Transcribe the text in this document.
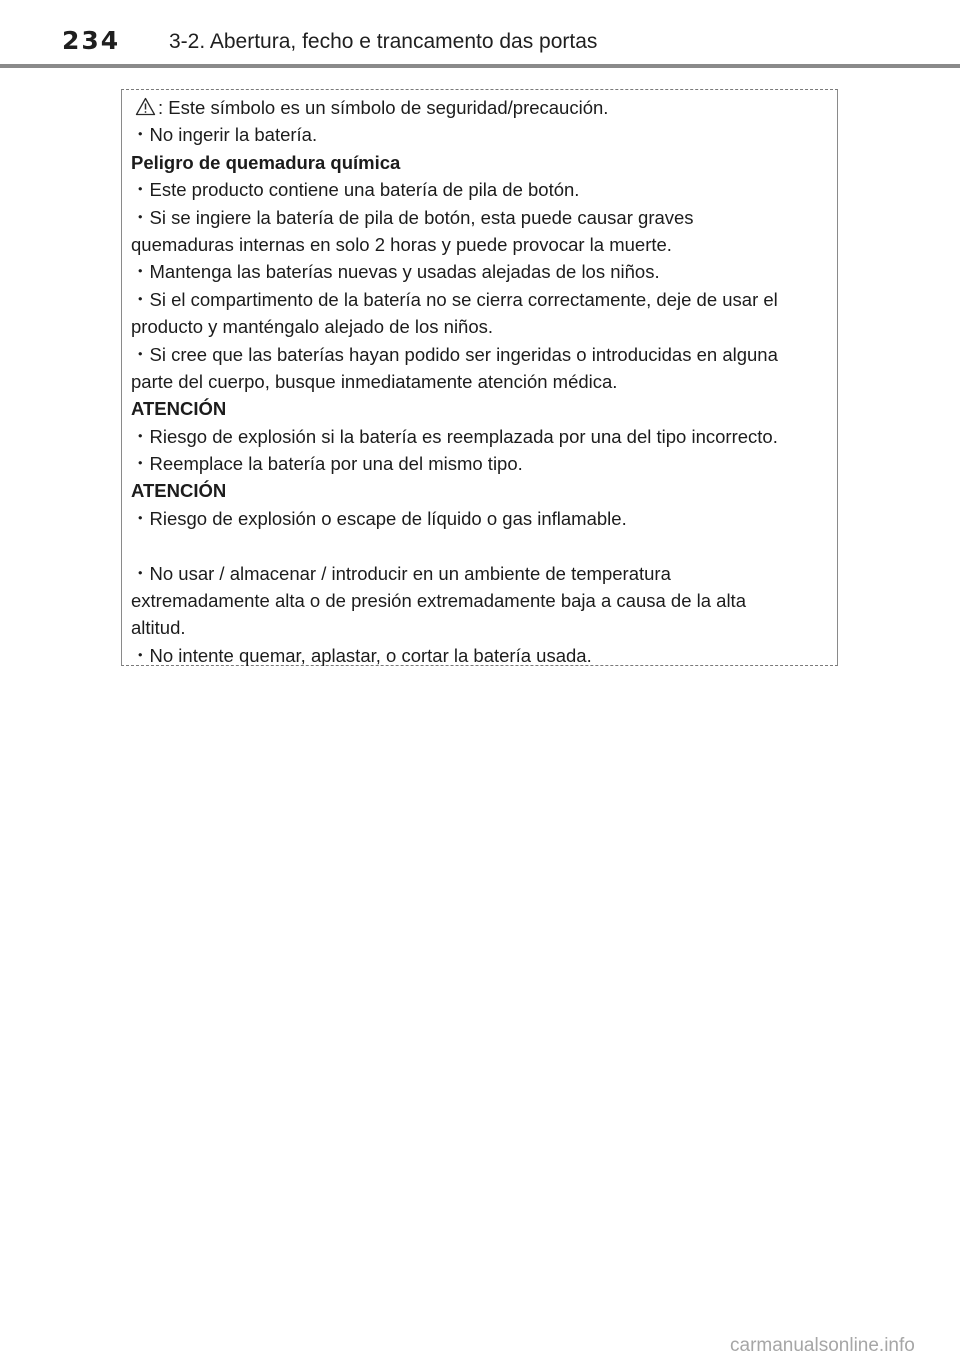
234 3-2. Abertura, fecho e trancamento das portas
: Este símbolo es un símbolo de seguridad/precaución.
・No ingerir la batería.
Peligro de quemadura química
・Este producto contiene una batería de pila de botón.
・Si se ingiere la batería de pila de botón, esta puede causar graves
quemaduras internas en solo 2 horas y puede provocar la muerte.
・Mantenga las baterías nuevas y usadas alejadas de los niños.
・Si el compartimento de la batería no se cierra correctamente, deje de usar el
producto y manténgalo alejado de los niños.
・Si cree que las baterías hayan podido ser ingeridas o introducidas en alguna
parte del cuerpo, busque inmediatamente atención médica.
ATENCIÓN
・Riesgo de explosión si la batería es reemplazada por una del tipo incorrecto.
・Reemplace la batería por una del mismo tipo.
ATENCIÓN
・Riesgo de explosión o escape de líquido o gas inflamable.
・No usar / almacenar / introducir en un ambiente de temperatura
extremadamente alta o de presión extremadamente baja a causa de la alta
altitud.
・No intente quemar, aplastar, o cortar la batería usada.
carmanualsonline.info
